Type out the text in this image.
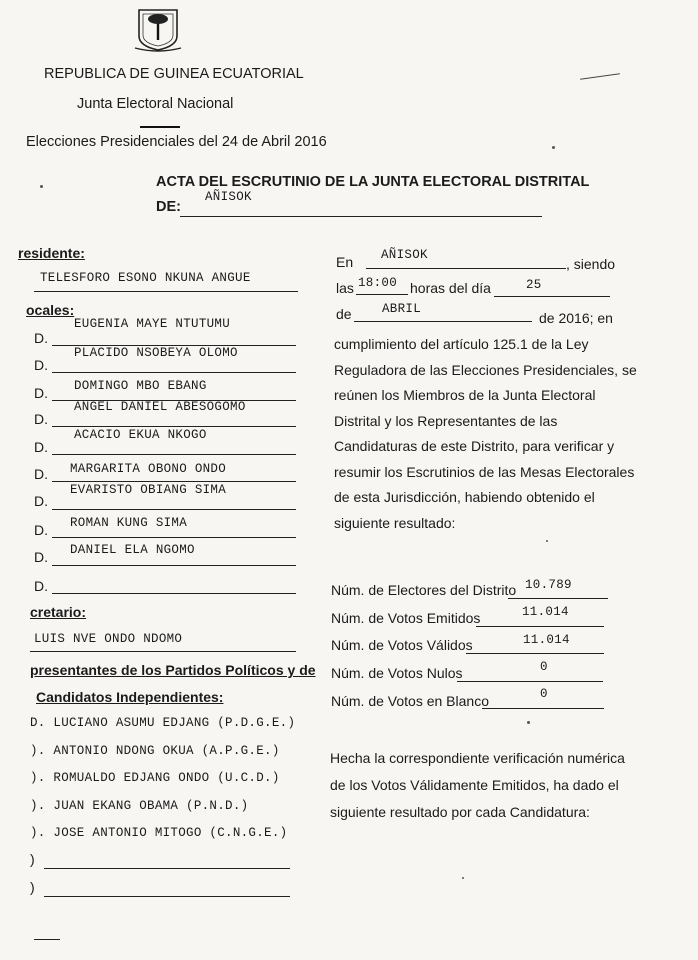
REPUBLICA DE GUINEA ECUATORIAL
Junta Electoral Nacional
Elecciones Presidenciales del 24 de Abril 2016
ACTA DEL ESCRUTINIO DE LA JUNTA ELECTORAL DISTRITAL
DE:
AÑISOK
residente:
TELESFORO ESONO NKUNA ANGUE
ocales:
D.
EUGENIA MAYE NTUTUMU
D.
PLACIDO NSOBEYA OLOMO
D. DOMINGO MBO EBANG
D.
ANGEL DANIEL ABESOGOMO
D.
ACACIO EKUA NKOGO
D. MARGARITA OBONO ONDO
D.
EVARISTO OBIANG SIMA
D. ROMAN KUNG SIMA
D. DANIEL ELA NGOMO
D.
cretario:
LUIS NVE ONDO NDOMO
presentantes de los Partidos Políticos y de
Candidatos Independientes:
D. LUCIANO ASUMU EDJANG (P.D.G.E.)
). ANTONIO NDONG OKUA (A.P.G.E.)
). ROMUALDO EDJANG ONDO (U.C.D.)
). JUAN EKANG OBAMA (P.N.D.)
). JOSE ANTONIO MITOGO (C.N.G.E.)
)
)
En AÑISOK
, siendo
las 18:00 horas del día	25
de ABRIL
de 2016; en
cumplimiento del artículo 125.1 de la Ley
Reguladora de las Elecciones Presidenciales, se
reúnen los Miembros de la Junta Electoral
Distrital y los Representantes de las
Candidaturas de este Distrito, para verificar y
resumir los Escrutinios de las Mesas Electorales
de esta Jurisdicción, habiendo obtenido el
siguiente resultado:
Núm. de Electores del Distrito 10.789
Núm. de Votos Emitidos	11.014
Núm. de Votos Válidos	11.014
Núm. de Votos Nulos	0
Núm. de Votos en Blanco	0
Hecha la correspondiente verificación numérica
de los Votos Válidamente Emitidos, ha dado el
siguiente resultado por cada Candidatura:
